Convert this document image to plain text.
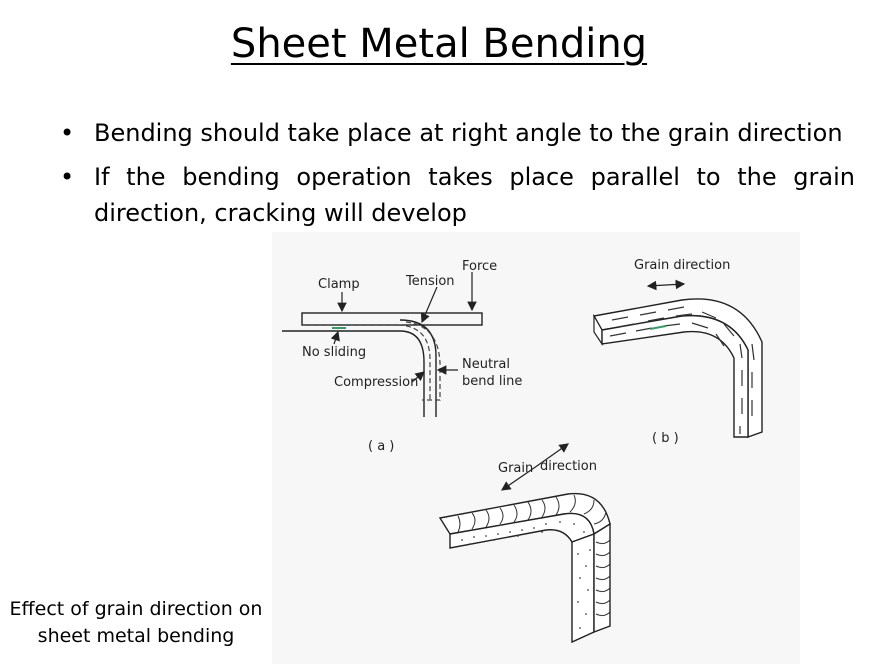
Sheet Metal Bending
• Bending should take place at right angle to the grain direction
• If the bending operation takes place parallel to the grain direction, cracking will develop
Force
Clamp	Tension
No sliding
Compression
Neutral
bend line
( a )
Grain direction
( b )
Grain direction

Effect of grain direction on sheet metal bending
